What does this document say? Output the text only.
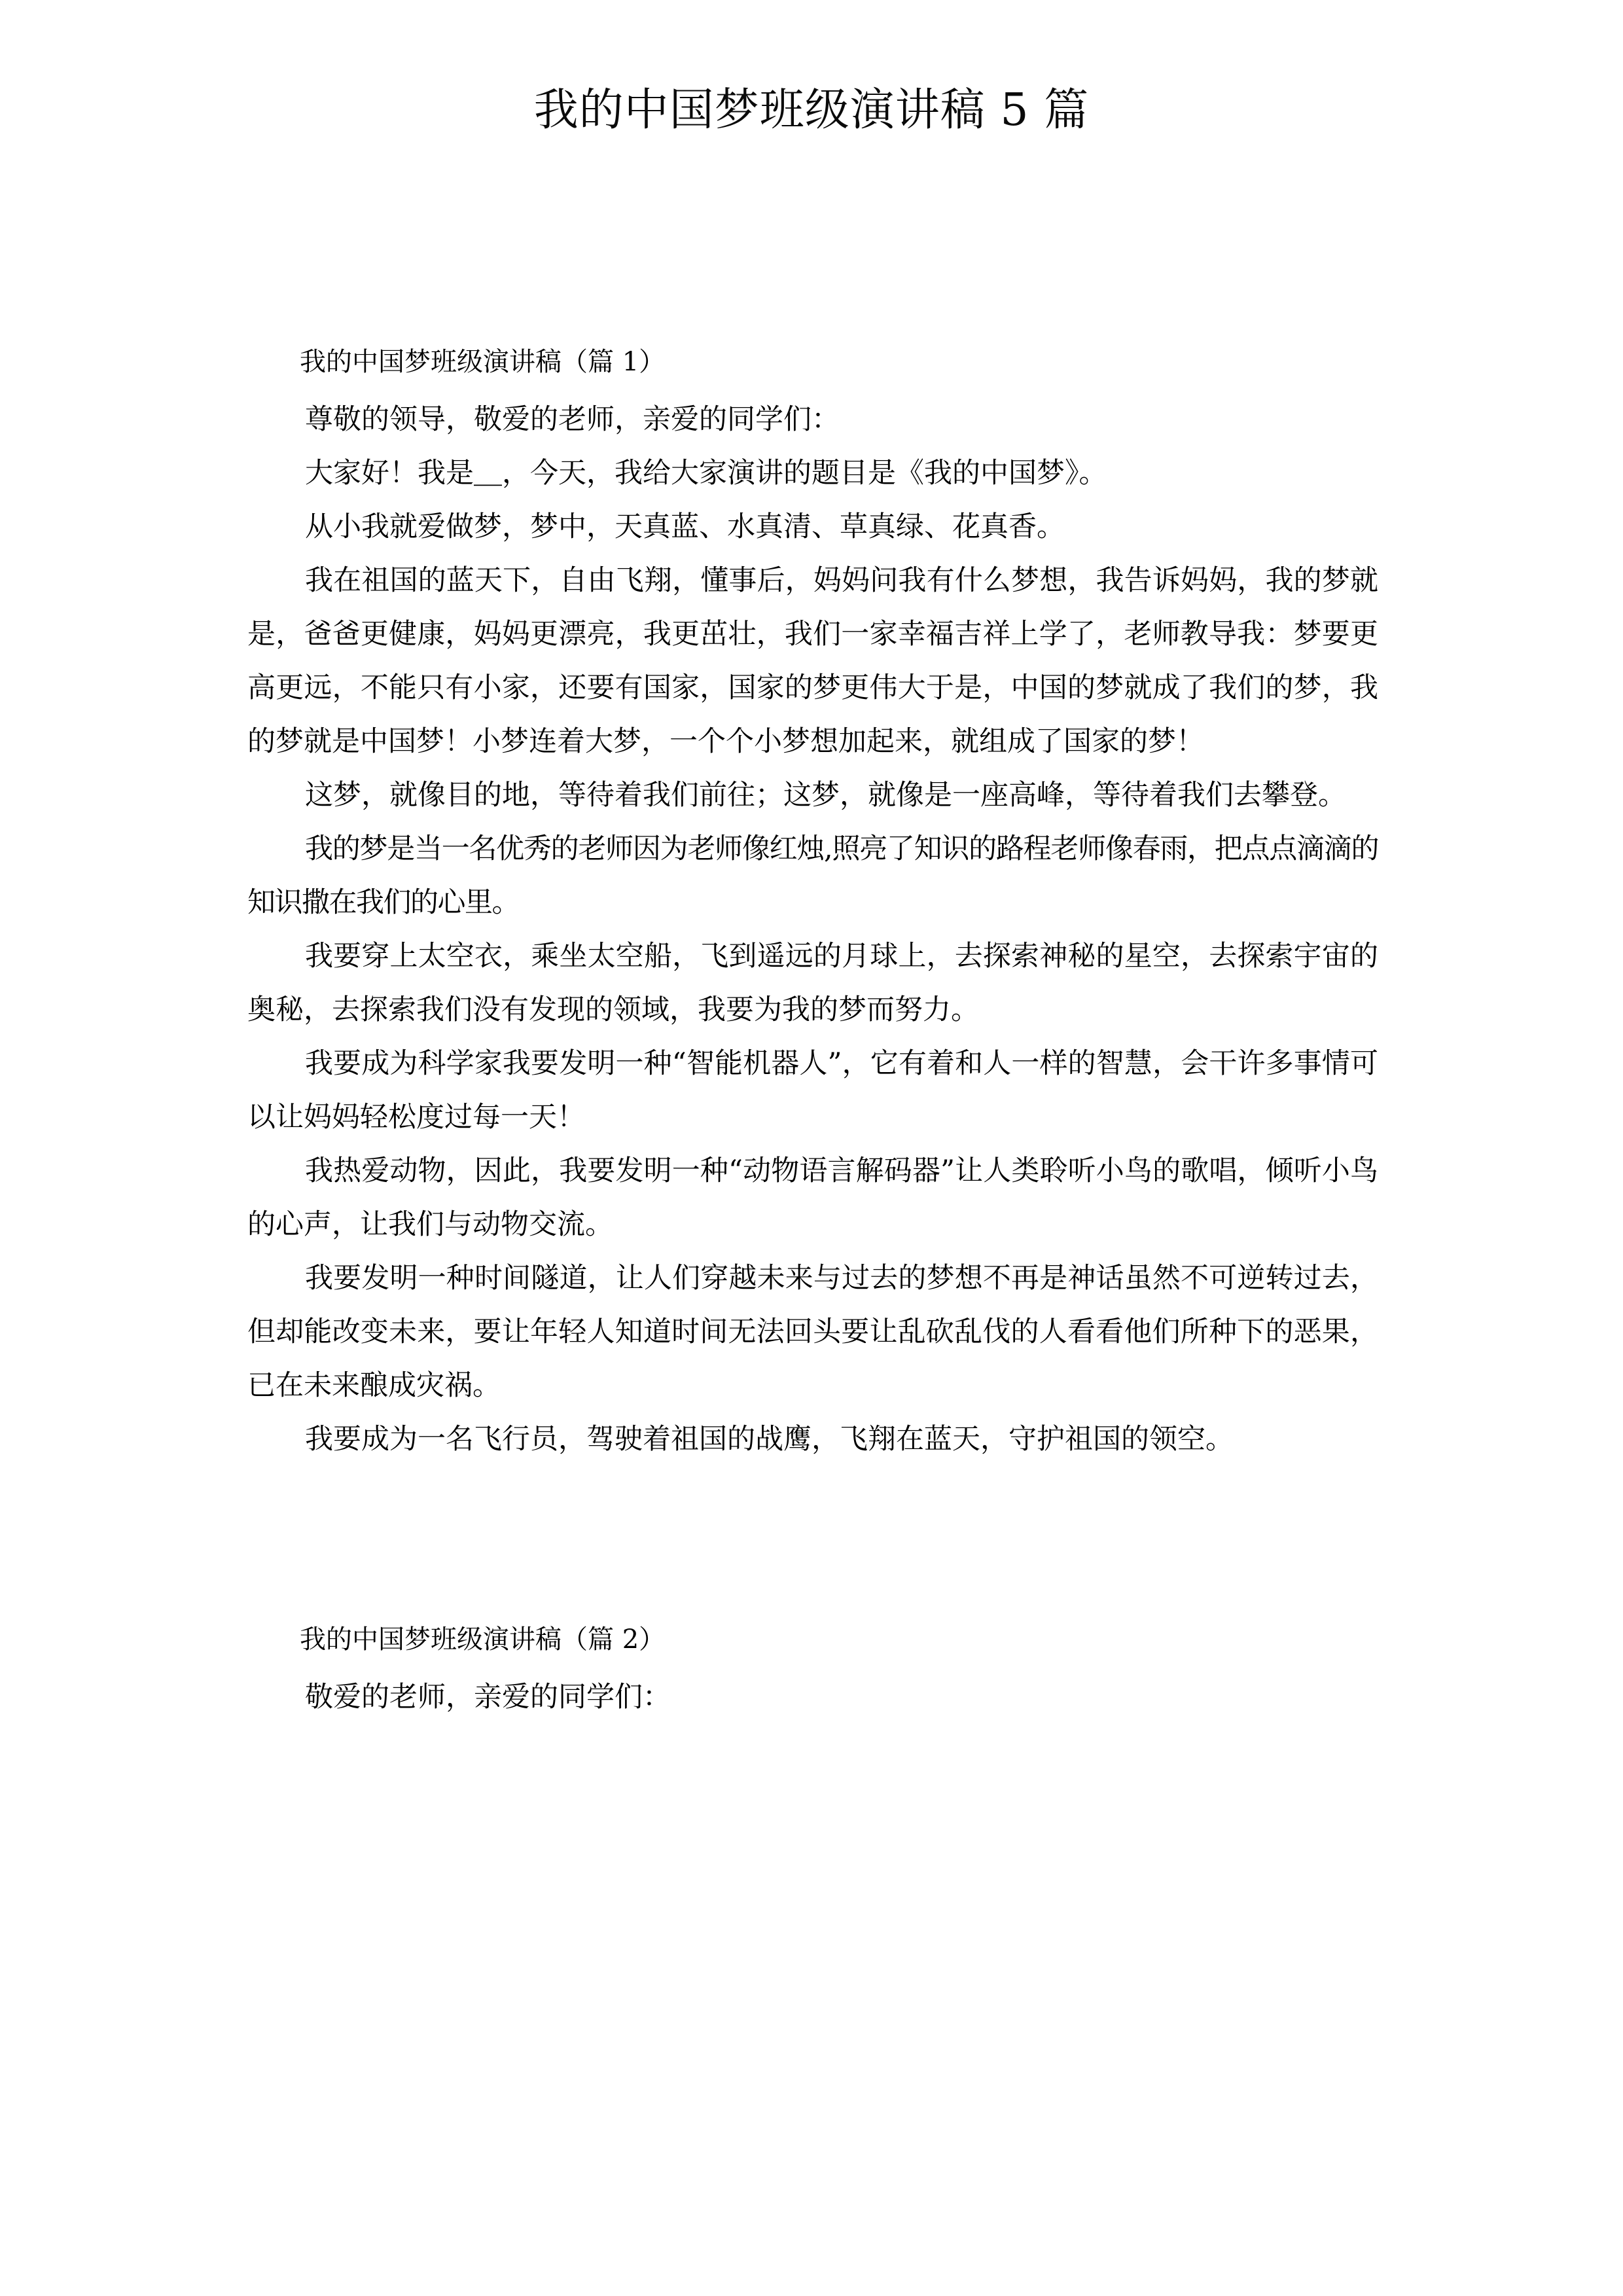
我的中国梦班级演讲稿 5 篇
我的中国梦班级演讲稿（篇 1）

尊敬的领导，敬爱的老师，亲爱的同学们：

大家好！我是＿，今天，我给大家演讲的题目是《我的中国梦》。

从小我就爱做梦，梦中，天真蓝、水真清、草真绿、花真香。

我在祖国的蓝天下，自由飞翔，懂事后，妈妈问我有什么梦想，我告诉妈妈，我的梦就是，爸爸更健康，妈妈更漂亮，我更茁壮，我们一家幸福吉祥上学了，老师教导我：梦要更高更远，不能只有小家，还要有国家，国家的梦更伟大于是，中国的梦就成了我们的梦，我的梦就是中国梦！小梦连着大梦，一个个小梦想加起来，就组成了国家的梦！

这梦，就像目的地，等待着我们前往；这梦，就像是一座高峰，等待着我们去攀登。

我的梦是当一名优秀的老师因为老师像红烛,照亮了知识的路程老师像春雨，把点点滴滴的知识撒在我们的心里。

我要穿上太空衣，乘坐太空船，飞到遥远的月球上，去探索神秘的星空，去探索宇宙的奥秘，去探索我们没有发现的领域，我要为我的梦而努力。

我要成为科学家我要发明一种“智能机器人”，它有着和人一样的智慧，会干许多事情可以让妈妈轻松度过每一天！

我热爱动物，因此，我要发明一种“动物语言解码器”让人类聆听小鸟的歌唱，倾听小鸟的心声，让我们与动物交流。

我要发明一种时间隧道，让人们穿越未来与过去的梦想不再是神话虽然不可逆转过去，但却能改变未来，要让年轻人知道时间无法回头要让乱砍乱伐的人看看他们所种下的恶果，已在未来酿成灾祸。

我要成为一名飞行员，驾驶着祖国的战鹰，飞翔在蓝天，守护祖国的领空。

我的中国梦班级演讲稿（篇 2）

敬爱的老师，亲爱的同学们：
